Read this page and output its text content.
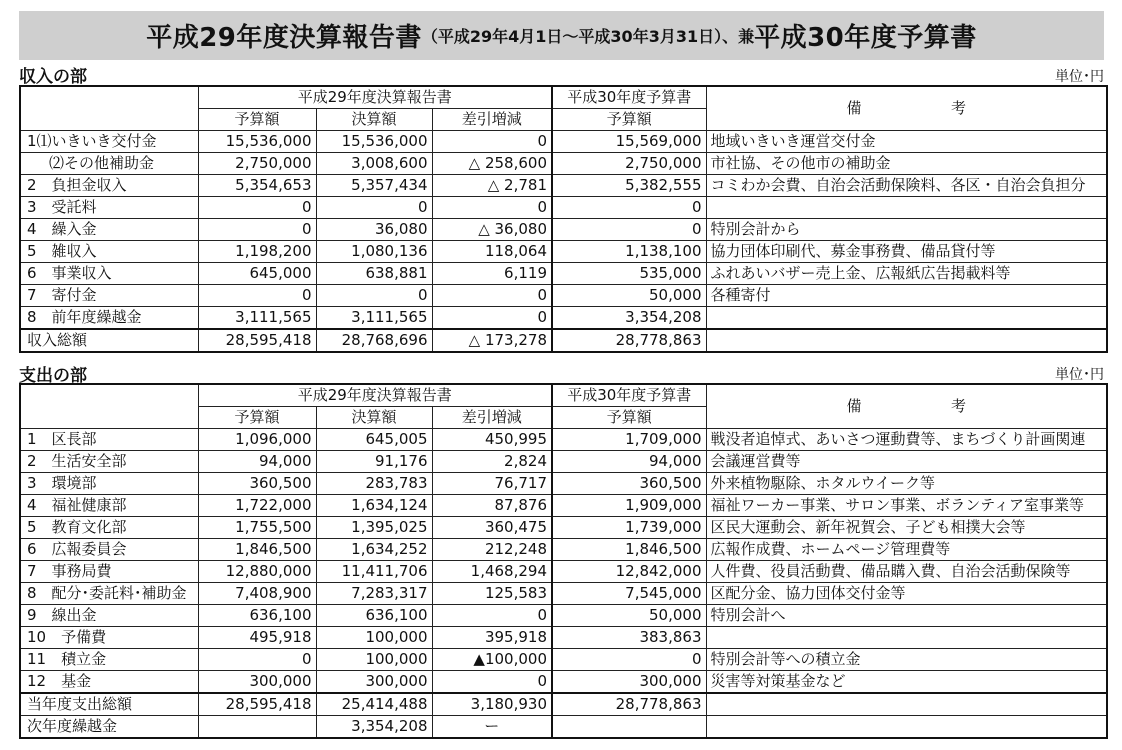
平成29年度決算報告書 （平成29年4月1日～平成30年3月31日）、兼 平成30年度予算書
収入の部	単位･円
	平成29年度決算報告書			平成30年度予算書	備 考
	予算額	決算額	差引増減	予算額	
1⑴いきいき交付金	15,536,000	15,536,000	0	15,569,000	地域いきいき運営交付金
⑵その他補助金	2,750,000	3,008,600	△ 258,600	2,750,000	市社協、その他市の補助金
2　負担金収入	5,354,653	5,357,434	△ 2,781	5,382,555	コミわか会費、自治会活動保険料、各区・自治会負担分
3　受託料	0	0	0	0	
4　繰入金	0	36,080	△ 36,080	0	特別会計から
5　雑収入	1,198,200	1,080,136	118,064	1,138,100	協力団体印刷代、募金事務費、備品貸付等
6　事業収入	645,000	638,881	6,119	535,000	ふれあいバザー売上金、広報紙広告掲載料等
7　寄付金	0	0	0	50,000	各種寄付
8　前年度繰越金	3,111,565	3,111,565	0	3,354,208	
収入総額	28,595,418	28,768,696	△ 173,278	28,778,863	
支出の部	単位･円
	平成29年度決算報告書			平成30年度予算書	備 考
	予算額	決算額	差引増減	予算額	
1　区長部	1,096,000	645,005	450,995	1,709,000	戦没者追悼式、あいさつ運動費等、まちづくり計画関連
2　生活安全部	94,000	91,176	2,824	94,000	会議運営費等
3　環境部	360,500	283,783	76,717	360,500	外来植物駆除、ホタルウイーク等
4　福祉健康部	1,722,000	1,634,124	87,876	1,909,000	福祉ワーカー事業、サロン事業、ボランティア室事業等
5　教育文化部	1,755,500	1,395,025	360,475	1,739,000	区民大運動会、新年祝賀会、子ども相撲大会等
6　広報委員会	1,846,500	1,634,252	212,248	1,846,500	広報作成費、ホームページ管理費等
7　事務局費	12,880,000	11,411,706	1,468,294	12,842,000	人件費、役員活動費、備品購入費、自治会活動保険等
8　配分･委託料･補助金	7,408,900	7,283,317	125,583	7,545,000	区配分金、協力団体交付金等
9　線出金	636,100	636,100	0	50,000	特別会計へ
10　予備費	495,918	100,000	395,918	383,863	
11　積立金	0	100,000	▲100,000	0	特別会計等への積立金
12　基金	300,000	300,000	0	300,000	災害等対策基金など
当年度支出総額	28,595,418	25,414,488	3,180,930	28,778,863	
次年度繰越金		3,354,208	ー		
